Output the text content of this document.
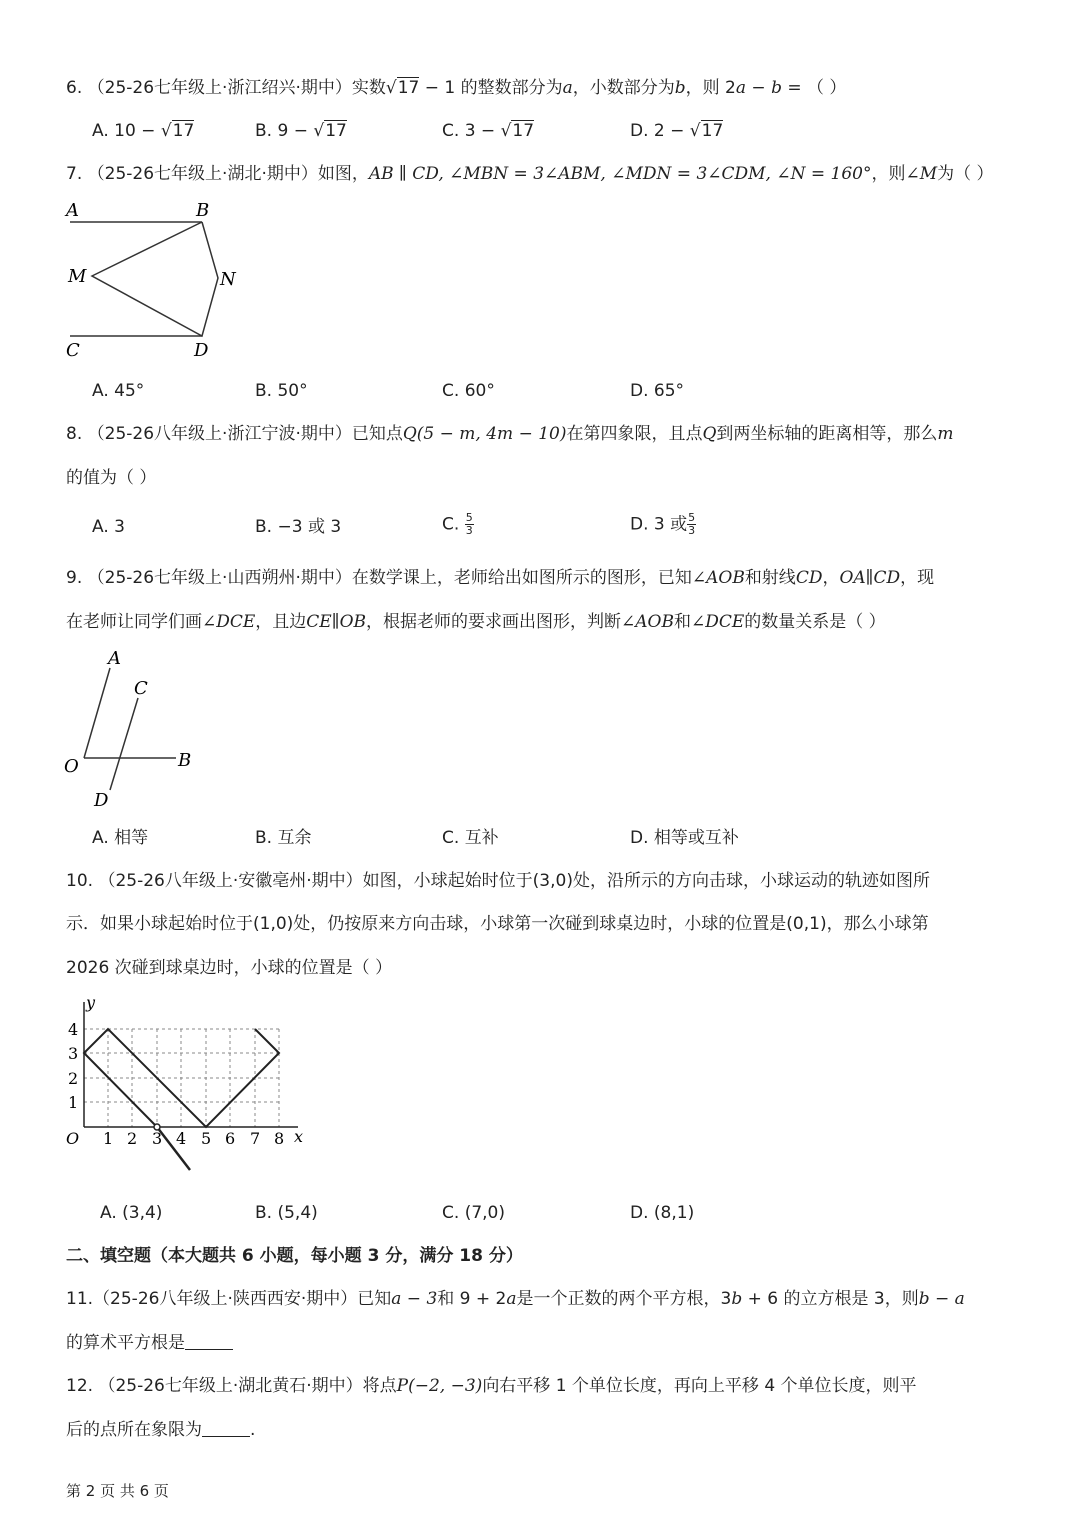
6. （25-26七年级上·浙江绍兴·期中）实数√17 − 1 的整数部分为a，小数部分为b，则 2a − b = （ ）
A. 10 − √17	B. 9 − √17	C. 3 − √17	D. 2 − √17
7. （25-26七年级上·湖北·期中）如图，AB ∥ CD, ∠MBN = 3∠ABM, ∠MDN = 3∠CDM, ∠N = 160°，则∠M为（ ）
A	B
M	N
C	D
A. 45°	B. 50°	C. 60°	D. 65°
8. （25-26八年级上·浙江宁波·期中）已知点Q(5 − m, 4m − 10)在第四象限，且点Q到两坐标轴的距离相等，那么m
的值为（ ）
A. 3	B. −3 或 3	C. $\frac{5}{3}$	D. 3 或 $\frac{5}{3}$
9. （25-26七年级上·山西朔州·期中）在数学课上，老师给出如图所示的图形，已知∠AOB和射线CD，OA∥CD，现
在老师让同学们画∠DCE，且边CE∥OB，根据老师的要求画出图形，判断∠AOB和∠DCE的数量关系是（ ）
A
C
O	B
D
A. 相等	B. 互余	C. 互补	D. 相等或互补
10. （25-26八年级上·安徽亳州·期中）如图，小球起始时位于(3,0)处，沿所示的方向击球，小球运动的轨迹如图所
示．如果小球起始时位于(1,0)处，仍按原来方向击球，小球第一次碰到球桌边时，小球的位置是(0,1)，那么小球第
2026 次碰到球桌边时，小球的位置是（ ）
y
x
O
4
3
2
1
1 2 3 4 5 6 7 8
A. (3,4)	B. (5,4)	C. (7,0)	D. (8,1)
二、填空题（本大题共 6 小题，每小题 3 分，满分 18 分）
11.（25-26八年级上·陕西西安·期中）已知a − 3和 9 + 2a是一个正数的两个平方根，3b + 6 的立方根是 3，则b − a
的算术平方根是
12. （25-26七年级上·湖北黄石·期中）将点P(−2, −3)向右平移 1 个单位长度，再向上平移 4 个单位长度，则平
后的点所在象限为	.
第 2 页 共 6 页
